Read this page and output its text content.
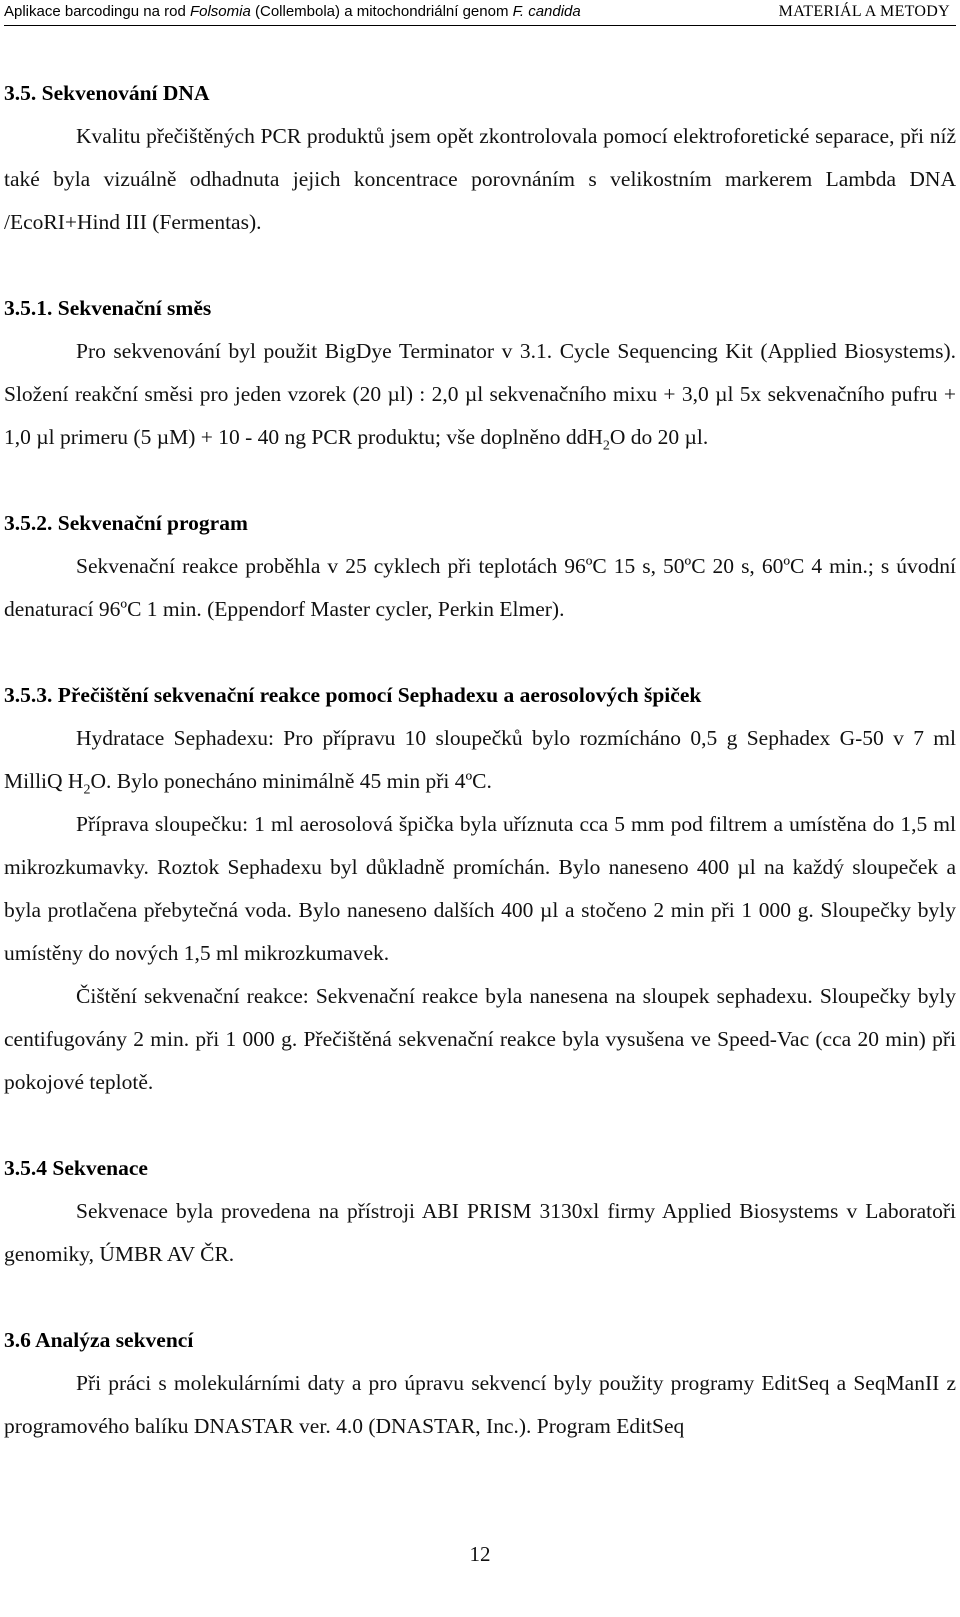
Aplikace barcodingu na rod Folsomia (Collembola) a mitochondriální genom F. candida	MATERIÁL A METODY
3.5. Sekvenování DNA

Kvalitu přečištěných PCR produktů jsem opět zkontrolovala pomocí elektroforetické separace, při níž také byla vizuálně odhadnuta jejich koncentrace porovnáním s velikostním markerem Lambda DNA /EcoRI+Hind III (Fermentas).

3.5.1. Sekvenační směs

Pro sekvenování byl použit BigDye Terminator v 3.1. Cycle Sequencing Kit (Applied Biosystems). Složení reakční směsi pro jeden vzorek (20 µl) : 2,0 µl sekvenačního mixu + 3,0 µl 5x sekvenačního pufru + 1,0 µl primeru (5 µM) + 10 - 40 ng PCR produktu; vše doplněno ddH$_2$O do 20 µl.

3.5.2. Sekvenační program

Sekvenační reakce proběhla v 25 cyklech při teplotách 96ºC 15 s, 50ºC 20 s, 60ºC 4 min.; s úvodní denaturací 96ºC 1 min. (Eppendorf Master cycler, Perkin Elmer).

3.5.3. Přečištění sekvenační reakce pomocí Sephadexu a aerosolových špiček

Hydratace Sephadexu: Pro přípravu 10 sloupečků bylo rozmícháno 0,5 g Sephadex G-50 v 7 ml MilliQ $H_2O$. Bylo ponecháno minimálně 45 min při 4ºC.

Příprava sloupečku: 1 ml aerosolová špička byla uříznuta cca 5 mm pod filtrem a umístěna do 1,5 ml mikrozkumavky. Roztok Sephadexu byl důkladně promíchán. Bylo naneseno 400 µl na každý sloupeček a byla protlačena přebytečná voda. Bylo naneseno dalších 400 µl a stočeno 2 min při 1 000 g. Sloupečky byly umístěny do nových 1,5 ml mikrozkumavek.

Čištění sekvenační reakce: Sekvenační reakce byla nanesena na sloupek sephadexu. Sloupečky byly centifugovány 2 min. při 1 000 g. Přečištěná sekvenační reakce byla vysušena ve Speed-Vac (cca 20 min) při pokojové teplotě.

3.5.4 Sekvenace

Sekvenace byla provedena na přístroji ABI PRISM 3130xl firmy Applied Biosystems v Laboratoři genomiky, ÚMBR AV ČR.

3.6 Analýza sekvencí

Při práci s molekulárními daty a pro úpravu sekvencí byly použity programy EditSeq a SeqManII z programového balíku DNASTAR ver. 4.0 (DNASTAR, Inc.). Program EditSeq

12
